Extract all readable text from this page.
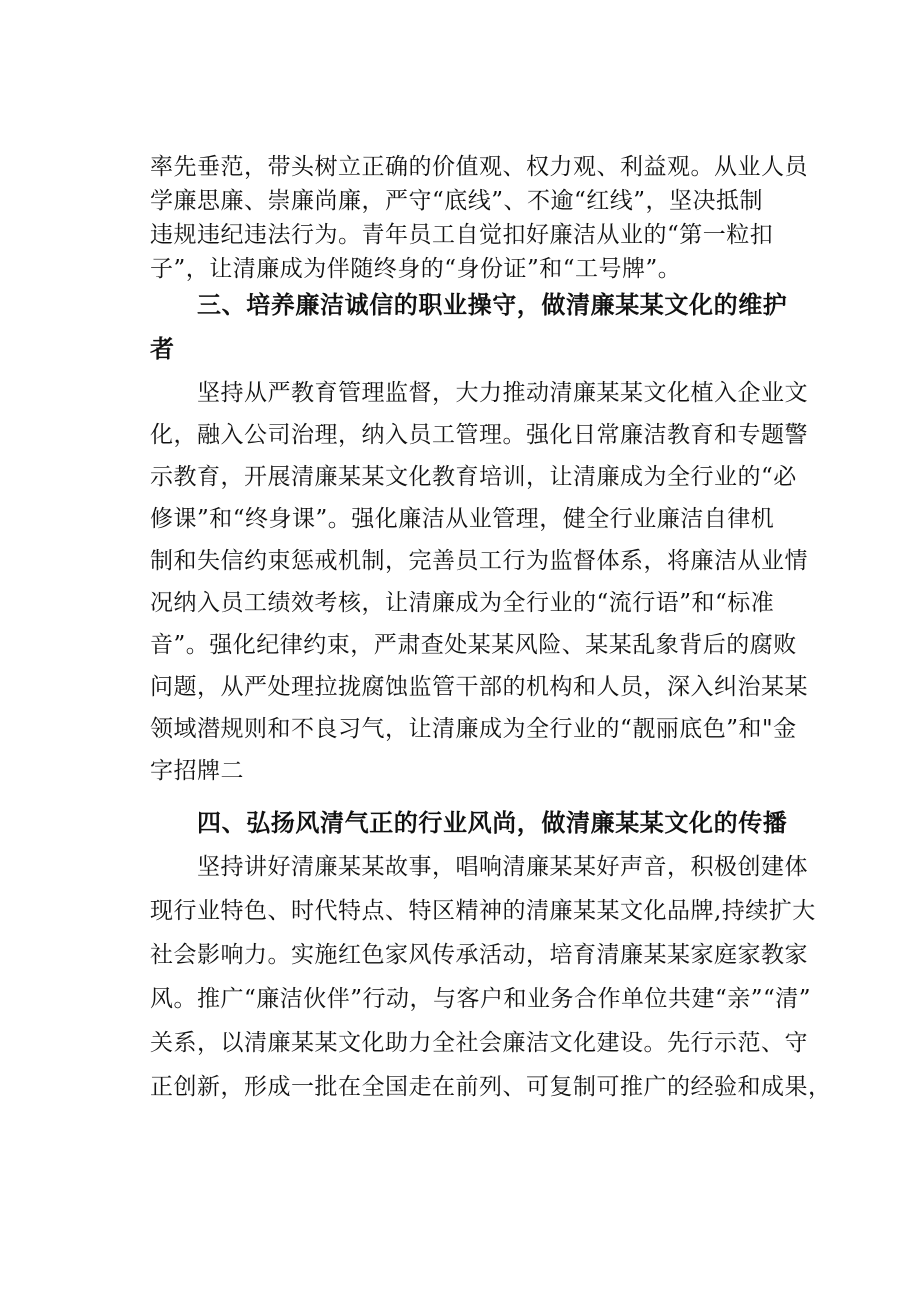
率先垂范，带头树立正确的价值观、权力观、利益观。从业人员
学廉思廉、崇廉尚廉，严守“底线”、不逾“红线”，坚决抵制
违规违纪违法行为。青年员工自觉扣好廉洁从业的“第一粒扣
子”，让清廉成为伴随终身的“身份证”和“工号牌”。
三、培养廉洁诚信的职业操守，做清廉某某文化的维护
者
坚持从严教育管理监督，大力推动清廉某某文化植入企业文
化，融入公司治理，纳入员工管理。强化日常廉洁教育和专题警
示教育，开展清廉某某文化教育培训，让清廉成为全行业的“必
修课”和“终身课”。强化廉洁从业管理，健全行业廉洁自律机
制和失信约束惩戒机制，完善员工行为监督体系，将廉洁从业情
况纳入员工绩效考核，让清廉成为全行业的“流行语”和“标准
音”。强化纪律约束，严肃查处某某风险、某某乱象背后的腐败
问题，从严处理拉拢腐蚀监管干部的机构和人员，深入纠治某某
领域潜规则和不良习气，让清廉成为全行业的“靓丽底色”和"金
字招牌二
四、弘扬风清气正的行业风尚，做清廉某某文化的传播
坚持讲好清廉某某故事，唱响清廉某某好声音，积极创建体
现行业特色、时代特点、特区精神的清廉某某文化品牌,持续扩大
社会影响力。实施红色家风传承活动，培育清廉某某家庭家教家
风。推广“廉洁伙伴”行动，与客户和业务合作单位共建“亲”“清”
关系，以清廉某某文化助力全社会廉洁文化建设。先行示范、守
正创新，形成一批在全国走在前列、可复制可推广的经验和成果，
